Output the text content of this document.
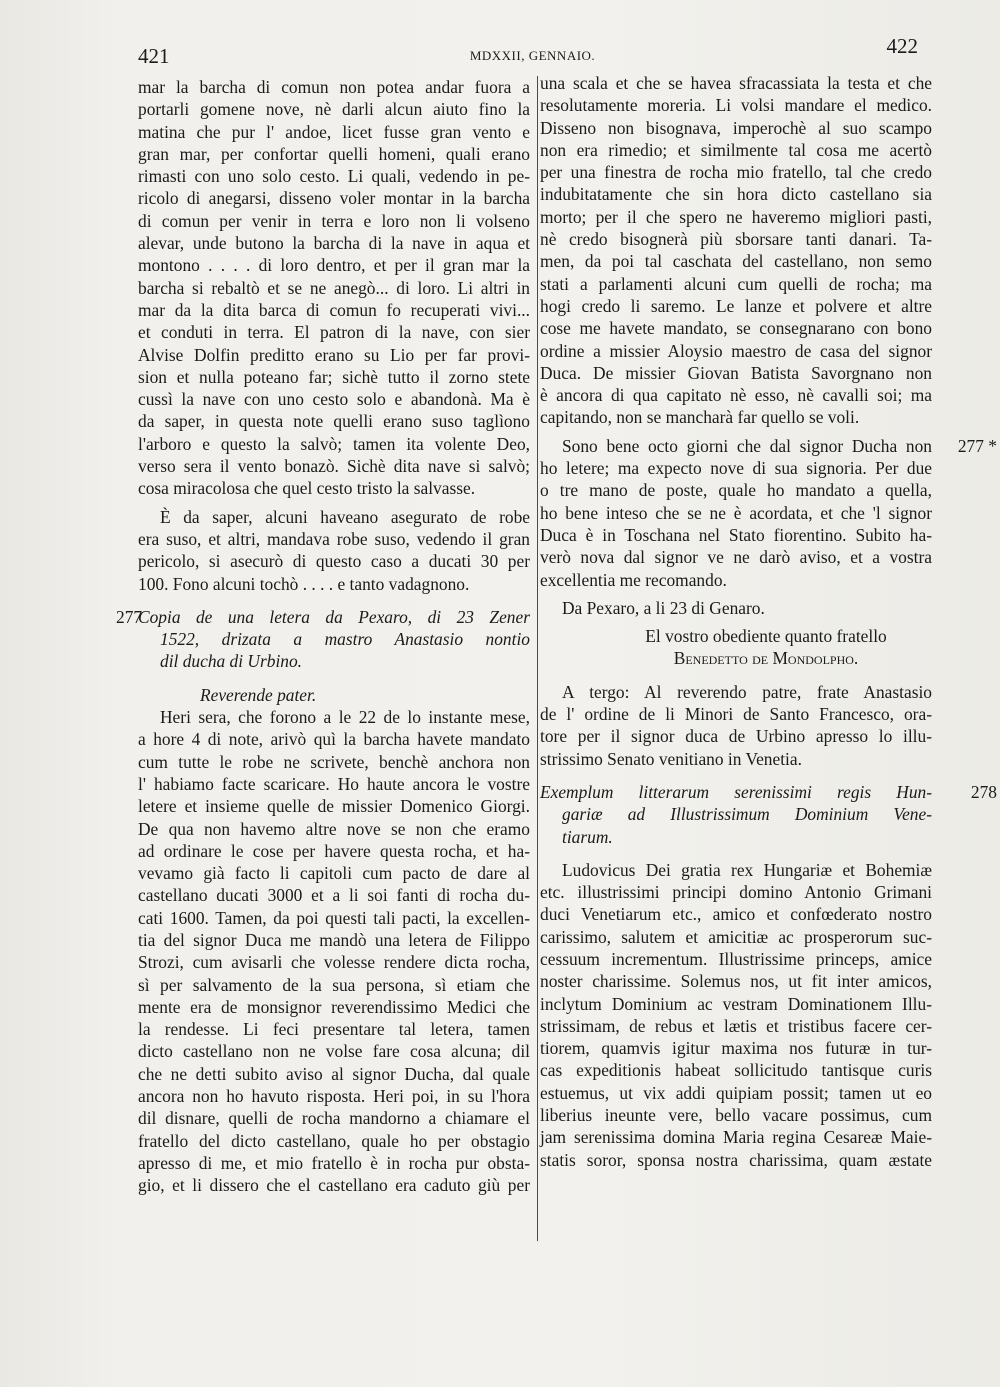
421	MDXXII, GENNAIO.	422
mar la barcha di comun non potea andar fuora a
portarli gomene nove, nè darli alcun aiuto fino la
matina che pur l' andoe, licet fusse gran vento e
gran mar, per confortar quelli homeni, quali erano
rimasti con uno solo cesto. Li quali, vedendo in pe-
ricolo di anegarsi, disseno voler montar in la barcha
di comun per venir in terra e loro non li volseno
alevar, unde butono la barcha di la nave in aqua et
montono . . . . di loro dentro, et per il gran mar la
barcha si rebaltò et se ne anegò... di loro. Li altri in
mar da la dita barca di comun fo recuperati vivi...
et conduti in terra. El patron di la nave, con sier
Alvise Dolfin preditto erano su Lio per far provi-
sion et nulla poteano far; sichè tutto il zorno stete
cussì la nave con uno cesto solo e abandonà. Ma è
da saper, in questa note quelli erano suso taglìono
l'arboro e questo la salvò; tamen ita volente Deo,
verso sera il vento bonazò. Sichè dita nave si salvò;
cosa miracolosa che quel cesto tristo la salvasse.
È da saper, alcuni haveano asegurato de robe
era suso, et altri, mandava robe suso, vedendo il gran
pericolo, si asecurò di questo caso a ducati 30 per
100. Fono alcuni tochò . . . . e tanto vadagnono.
277
Copia de una letera da Pexaro, di 23 Zener
1522, drizata a mastro Anastasio nontio
dil ducha di Urbino.
Reverende pater.
Heri sera, che forono a le 22 de lo instante mese,
a hore 4 di note, arivò quì la barcha havete mandato
cum tutte le robe ne scrivete, benchè anchora non
l' habiamo facte scaricare. Ho haute ancora le vostre
letere et insieme quelle de missier Domenico Giorgi.
De qua non havemo altre nove se non che eramo
ad ordinare le cose per havere questa rocha, et ha-
vevamo già facto li capitoli cum pacto de dare al
castellano ducati 3000 et a li soi fanti di rocha du-
cati 1600. Tamen, da poi questi tali pacti, la excellen-
tia del signor Duca me mandò una letera de Filippo
Strozi, cum avisarli che volesse rendere dicta rocha,
sì per salvamento de la sua persona, sì etiam che
mente era de monsignor reverendissimo Medici che
la rendesse. Li feci presentare tal letera, tamen
dicto castellano non ne volse fare cosa alcuna; dil
che ne detti subito aviso al signor Ducha, dal quale
ancora non ho havuto risposta. Heri poi, in su l'hora
dil disnare, quelli de rocha mandorno a chiamare el
fratello del dicto castellano, quale ho per obstagio
apresso di me, et mio fratello è in rocha pur obsta-
gio, et li dissero che el castellano era caduto giù per
una scala et che se havea sfracassiata la testa et che
resolutamente moreria. Li volsi mandare el medico.
Disseno non bisognava, imperochè al suo scampo
non era rimedio; et similmente tal cosa me acertò
per una finestra de rocha mio fratello, tal che credo
indubitatamente che sin hora dicto castellano sia
morto; per il che spero ne haveremo migliori pasti,
nè credo bisognerà più sborsare tanti danari. Ta-
men, da poi tal caschata del castellano, non semo
stati a parlamenti alcuni cum quelli de rocha; ma
hogi credo li saremo. Le lanze et polvere et altre
cose me havete mandato, se consegnarano con bono
ordine a missier Aloysio maestro de casa del signor
Duca. De missier Giovan Batista Savorgnano non
è ancora di qua capitato nè esso, nè cavalli soi; ma
capitando, non se mancharà far quello se voli.
277 *
Sono bene octo giorni che dal signor Ducha non
ho letere; ma expecto nove di sua signoria. Per due
o tre mano de poste, quale ho mandato a quella,
ho bene inteso che se ne è acordata, et che 'l signor
Duca è in Toschana nel Stato fiorentino. Subito ha-
verò nova dal signor ve ne darò aviso, et a vostra
excellentia me recomando.
Da Pexaro, a li 23 di Genaro.
El vostro obediente quanto fratello
Benedetto de Mondolpho.
A tergo: Al reverendo patre, frate Anastasio
de l' ordine de li Minori de Santo Francesco, ora-
tore per il signor duca de Urbino apresso lo illu-
strissimo Senato venitiano in Venetia.
278
Exemplum litterarum serenissimi regis Hun-
gariæ ad Illustrissimum Dominium Vene-
tiarum.
Ludovicus Dei gratia rex Hungariæ et Bohemiæ
etc. illustrissimi principi domino Antonio Grimani
duci Venetiarum etc., amico et confœderato nostro
carissimo, salutem et amicitiæ ac prosperorum suc-
cessuum incrementum. Illustrissime princeps, amice
noster charissime. Solemus nos, ut fit inter amicos,
inclytum Dominium ac vestram Dominationem Illu-
strissimam, de rebus et lætis et tristibus facere cer-
tiorem, quamvis igitur maxima nos futuræ in tur-
cas expeditionis habeat sollicitudo tantisque curis
estuemus, ut vix addi quipiam possit; tamen ut eo
liberius ineunte vere, bello vacare possimus, cum
jam serenissima domina Maria regina Cesareæ Maie-
statis soror, sponsa nostra charissima, quam æstate
